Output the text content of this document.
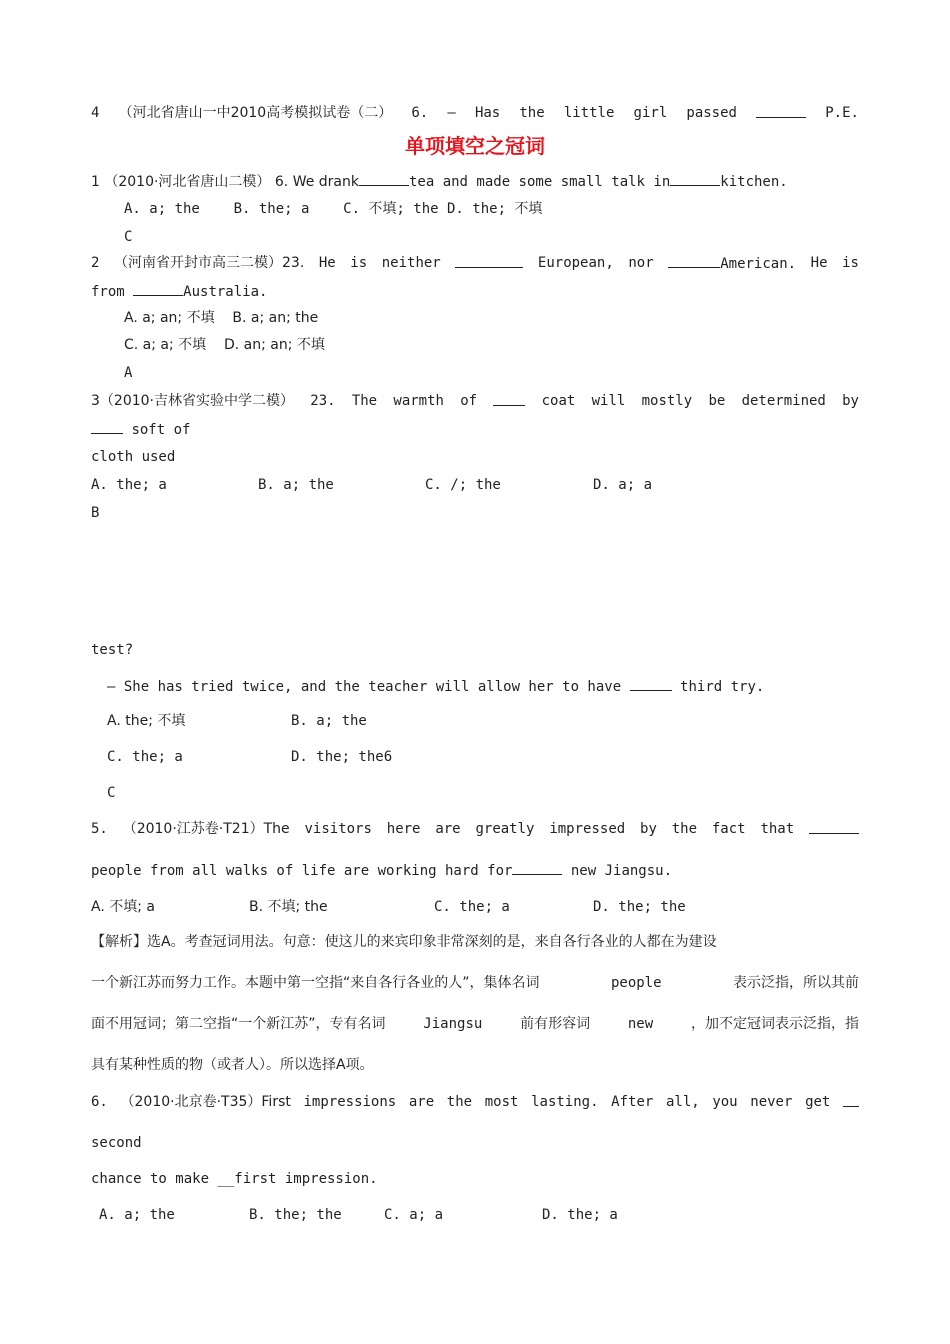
4 （河北省唐山一中2010高考模拟试卷（二） 6. — Has the little girl passed	P.E.
单项填空之冠词
1 （2010·河北省唐山二模） 6. We drank	tea and made some small talk in	kitchen.
A. a; the    B. the; a    C. 不填; the D. the; 不填
C
2 （河南省开封市高三二模）23. He is neither	European, nor	American. He is
from	Australia.
A. a; an; 不填    B. a; an; the
C. a; a; 不填    D. an; an; 不填
A
3（2010·吉林省实验中学二模） 23. The warmth of	coat will mostly be determined by
soft of
cloth used
A. the; a	B. a; the	C. /; the	D. a; a
B
test?
— She has tried twice, and the teacher will allow her to have	third try.
A. the; 不填	B. a; the
C. the; a	D. the; the6
C
5. （2010·江苏卷·T21）The visitors here are greatly impressed by the fact that
people from all walks of life are working hard for	new Jiangsu.
A. 不填; a	B. 不填; the	C. the; a	D. the; the
【解析】选A。考查冠词用法。句意：使这儿的来宾印象非常深刻的是，来自各行各业的人都在为建设
一个新江苏而努力工作。本题中第一空指“来自各行各业的人”，集体名词	people	表示泛指，所以其前
面不用冠词；第二空指“一个新江苏”，专有名词	Jiangsu	前有形容词	new	，加不定冠词表示泛指，指
具有某种性质的物（或者人）。所以选择A项。
6. （2010·北京卷·T35）First impressions are the most lasting. After all, you never get
second
chance to make __first impression.
A. a; the	B. the; the	C. a; a	D. the; a
